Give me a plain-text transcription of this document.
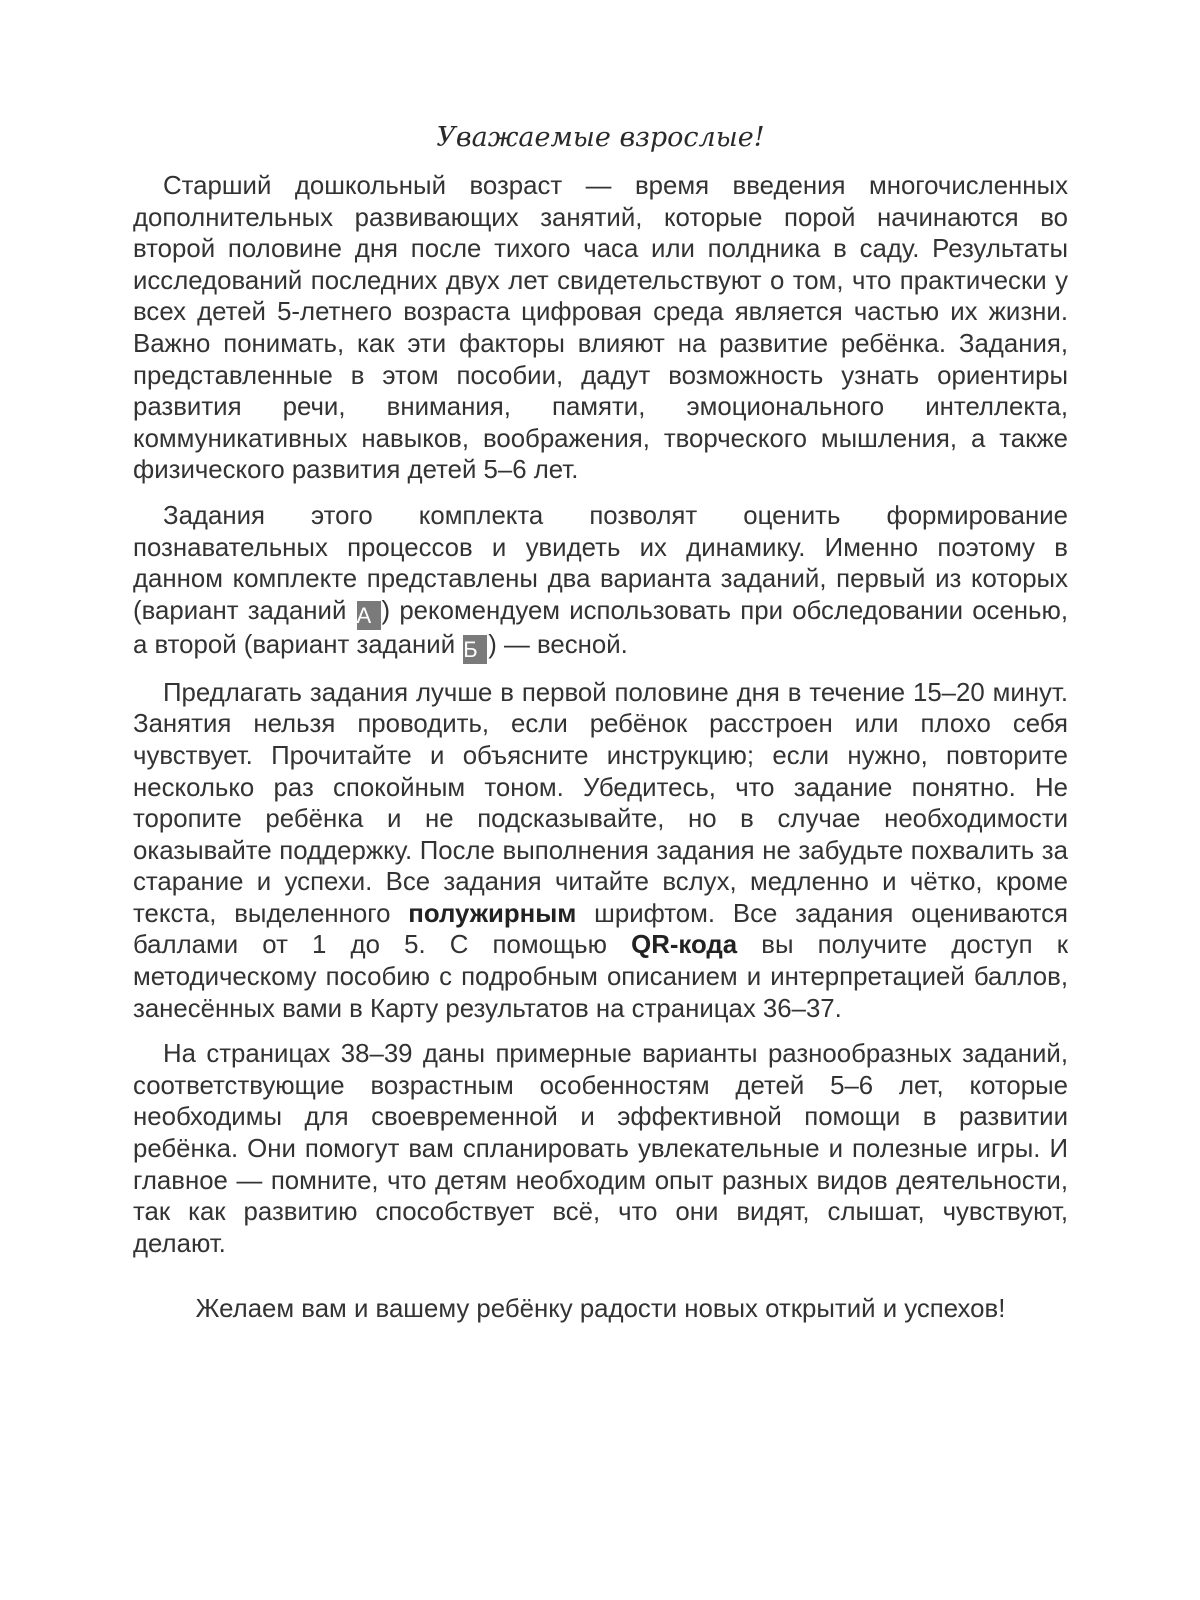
Уважаемые взрослые!

Старший дошкольный возраст — время введения многочисленных дополнительных развивающих занятий, которые порой начинаются во второй половине дня после тихого часа или полдника в саду. Результаты исследований последних двух лет свидетельствуют о том, что практически у всех детей 5-летнего возраста цифровая среда является частью их жизни. Важно понимать, как эти факторы влияют на развитие ребёнка. Задания, представленные в этом пособии, дадут возможность узнать ориентиры развития речи, внимания, памяти, эмоционального интеллекта, коммуникативных навыков, воображения, творческого мышления, а также физического развития детей 5–6 лет.

Задания этого комплекта позволят оценить формирование познавательных процессов и увидеть их динамику. Именно поэтому в данном комплекте представлены два варианта заданий, первый из которых (вариант заданий А ) рекомендуем использовать при обследовании осенью, а второй (вариант заданий Б ) — весной.

Предлагать задания лучше в первой половине дня в течение 15–20 минут. Занятия нельзя проводить, если ребёнок расстроен или плохо себя чувствует. Прочитайте и объясните инструкцию; если нужно, повторите несколько раз спокойным тоном. Убедитесь, что задание понятно. Не торопите ребёнка и не подсказывайте, но в случае необходимости оказывайте поддержку. После выполнения задания не забудьте похвалить за старание и успехи. Все задания читайте вслух, медленно и чётко, кроме текста, выделенного полужирным шрифтом. Все задания оцениваются баллами от 1 до 5. С помощью QR-кода вы получите доступ к методическому пособию с подробным описанием и интерпретацией баллов, занесённых вами в Карту результатов на страницах 36–37.

На страницах 38–39 даны примерные варианты разнообразных заданий, соответствующие возрастным особенностям детей 5–6 лет, которые необходимы для своевременной и эффективной помощи в развитии ребёнка. Они помогут вам спланировать увлекательные и полезные игры. И главное — помните, что детям необходим опыт разных видов деятельности, так как развитию способствует всё, что они видят, слышат, чувствуют, делают.

Желаем вам и вашему ребёнку радости новых открытий и успехов!
